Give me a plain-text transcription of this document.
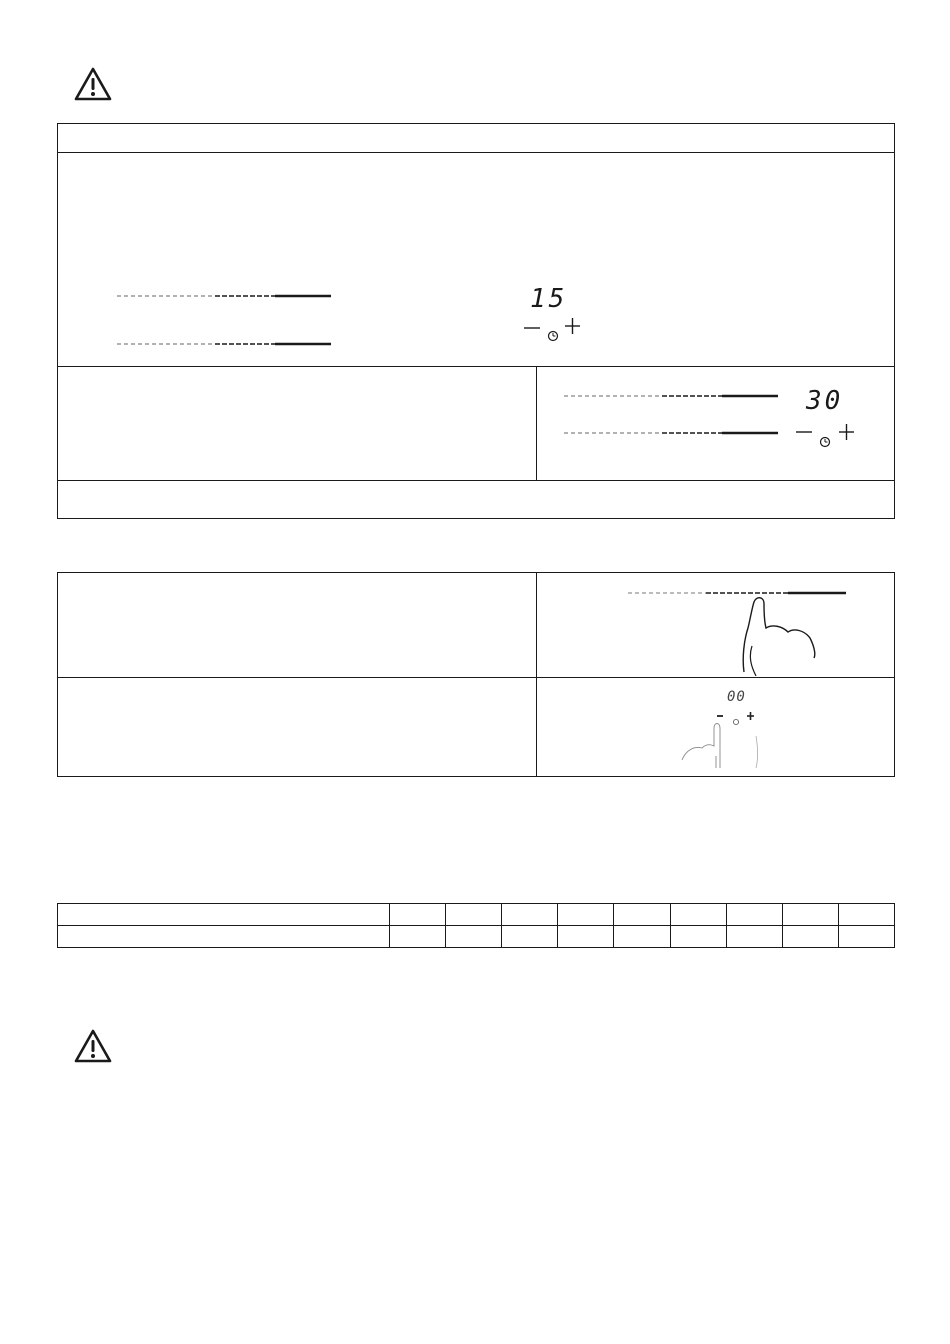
15
30
00
